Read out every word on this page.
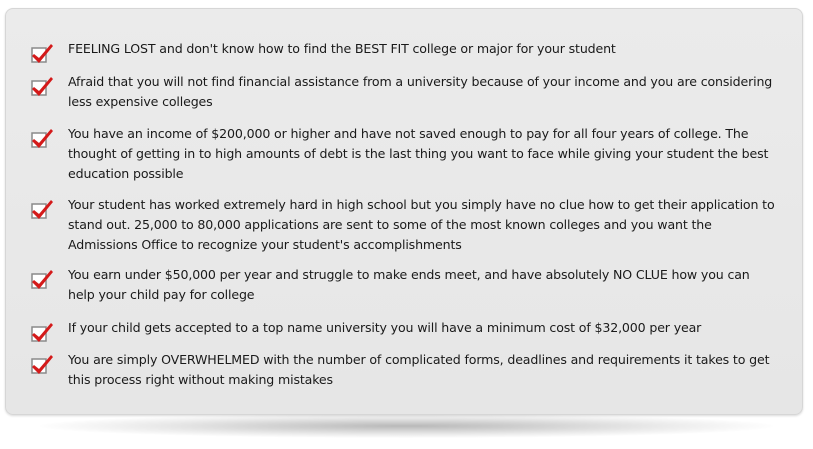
FEELING LOST and don't know how to find the BEST FIT college or major for your student
Afraid that you will not find financial assistance from a university because of your income and you are considering less expensive colleges
You have an income of $200,000 or higher and have not saved enough to pay for all four years of college. The thought of getting in to high amounts of debt is the last thing you want to face while giving your student the best education possible
Your student has worked extremely hard in high school but you simply have no clue how to get their application to stand out. 25,000 to 80,000 applications are sent to some of the most known colleges and you want the Admissions Office to recognize your student's accomplishments
You earn under $50,000 per year and struggle to make ends meet, and have absolutely NO CLUE how you can help your child pay for college
If your child gets accepted to a top name university you will have a minimum cost of $32,000 per year
You are simply OVERWHELMED with the number of complicated forms, deadlines and requirements it takes to get this process right without making mistakes
